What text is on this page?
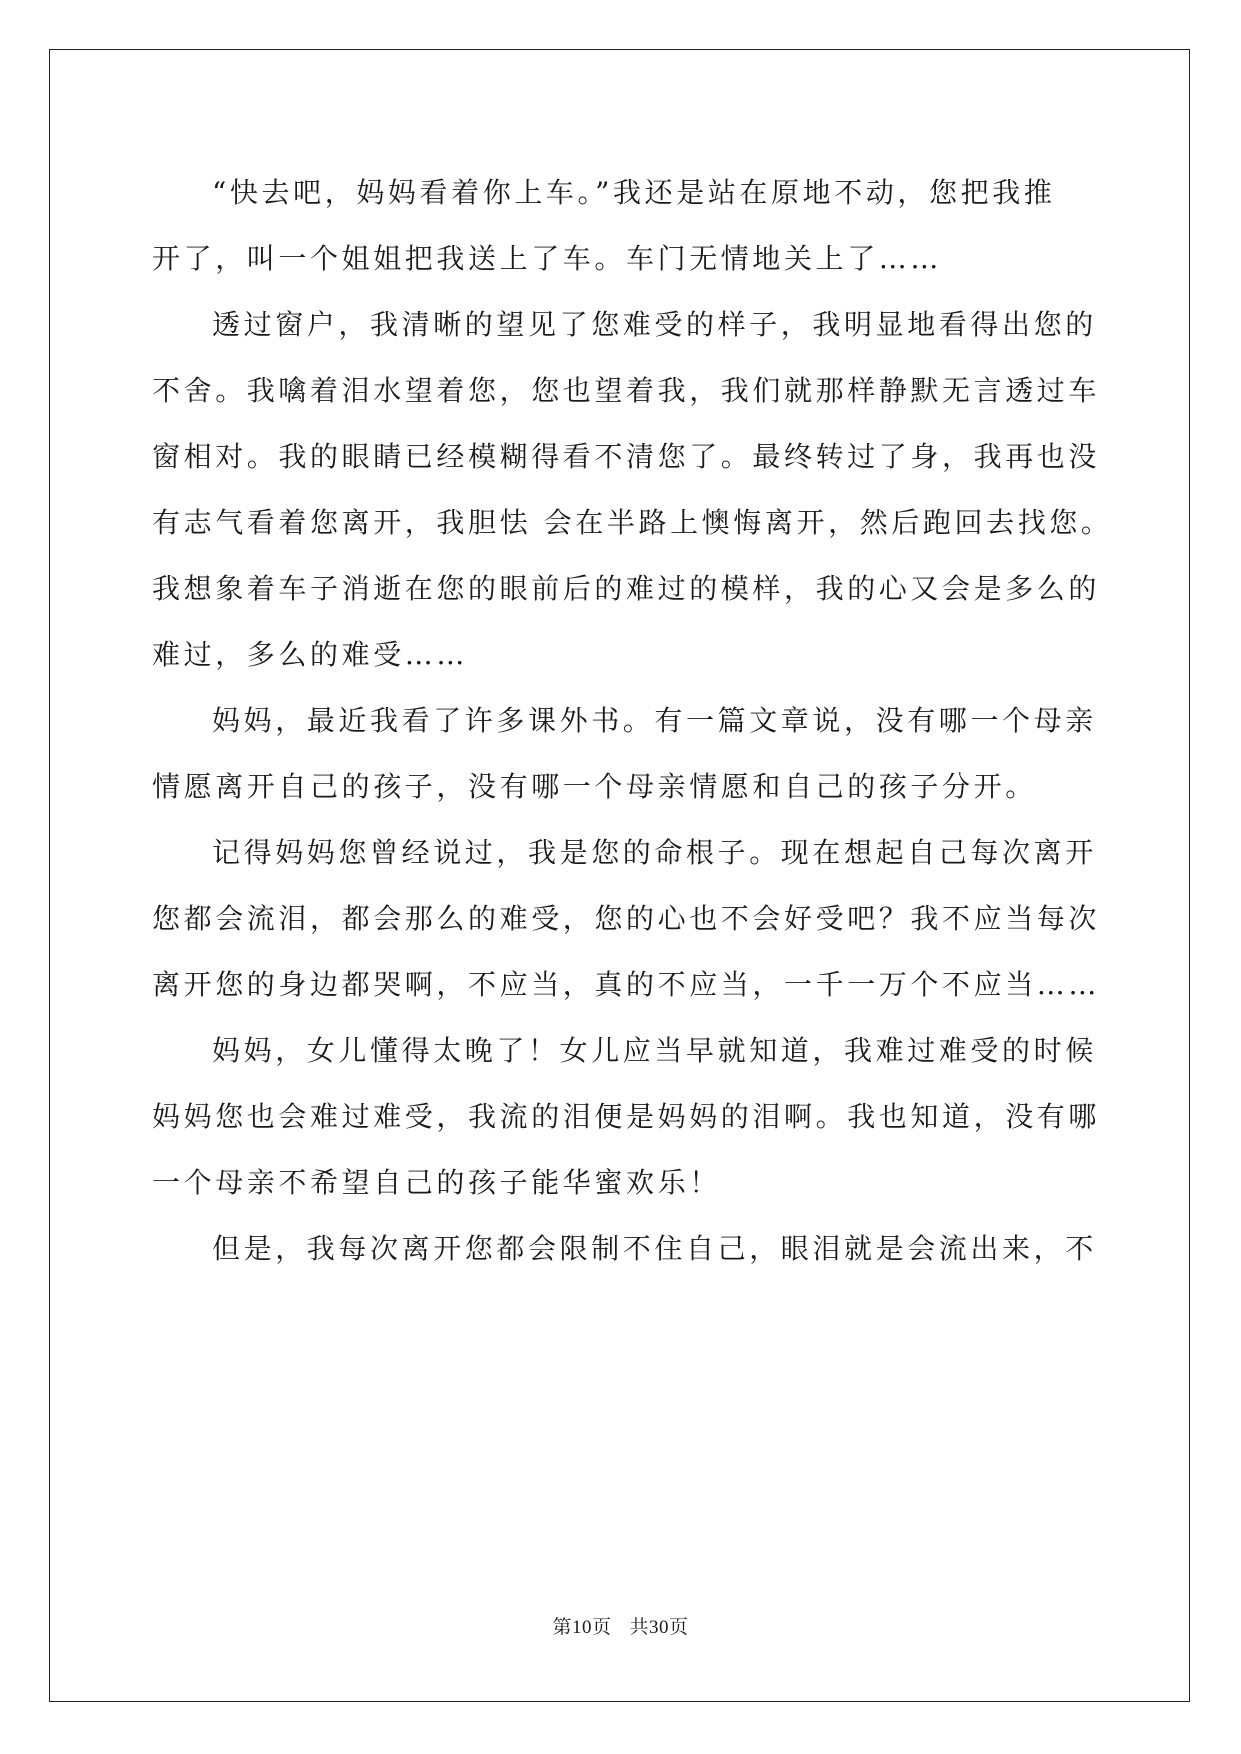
“快去吧，妈妈看着你上车。”我还是站在原地不动，您把我推
开了，叫一个姐姐把我送上了车。车门无情地关上了……
透过窗户，我清晰的望见了您难受的样子，我明显地看得出您的
不舍。我噙着泪水望着您，您也望着我，我们就那样静默无言透过车
窗相对。我的眼睛已经模糊得看不清您了。最终转过了身，我再也没
有志气看着您离开，我胆怯 会在半路上懊悔离开，然后跑回去找您。
我想象着车子消逝在您的眼前后的难过的模样，我的心又会是多么的
难过，多么的难受……
妈妈，最近我看了许多课外书。有一篇文章说，没有哪一个母亲
情愿离开自己的孩子，没有哪一个母亲情愿和自己的孩子分开。
记得妈妈您曾经说过，我是您的命根子。现在想起自己每次离开
您都会流泪，都会那么的难受，您的心也不会好受吧？我不应当每次
离开您的身边都哭啊，不应当，真的不应当，一千一万个不应当……
妈妈，女儿懂得太晚了！女儿应当早就知道，我难过难受的时候
妈妈您也会难过难受，我流的泪便是妈妈的泪啊。我也知道，没有哪
一个母亲不希望自己的孩子能华蜜欢乐！
但是，我每次离开您都会限制不住自己，眼泪就是会流出来，不
第10页 共30页
